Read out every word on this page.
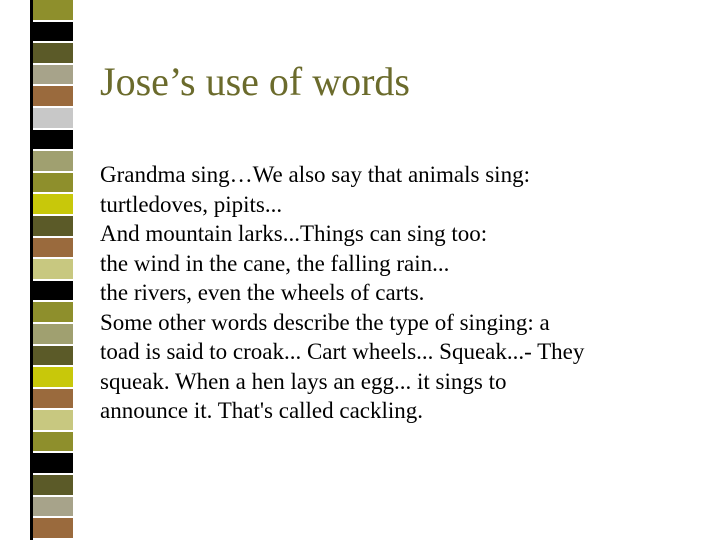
Jose’s use of words
Grandma sing…We also say that animals sing:
turtledoves, pipits...
And mountain larks...Things can sing too:
the wind in the cane, the falling rain...
the rivers, even the wheels of carts.
Some other words describe the type of singing: a
toad is said to croak... Cart wheels... Squeak...- They
squeak. When a hen lays an egg... it sings to
announce it. That's called cackling.
